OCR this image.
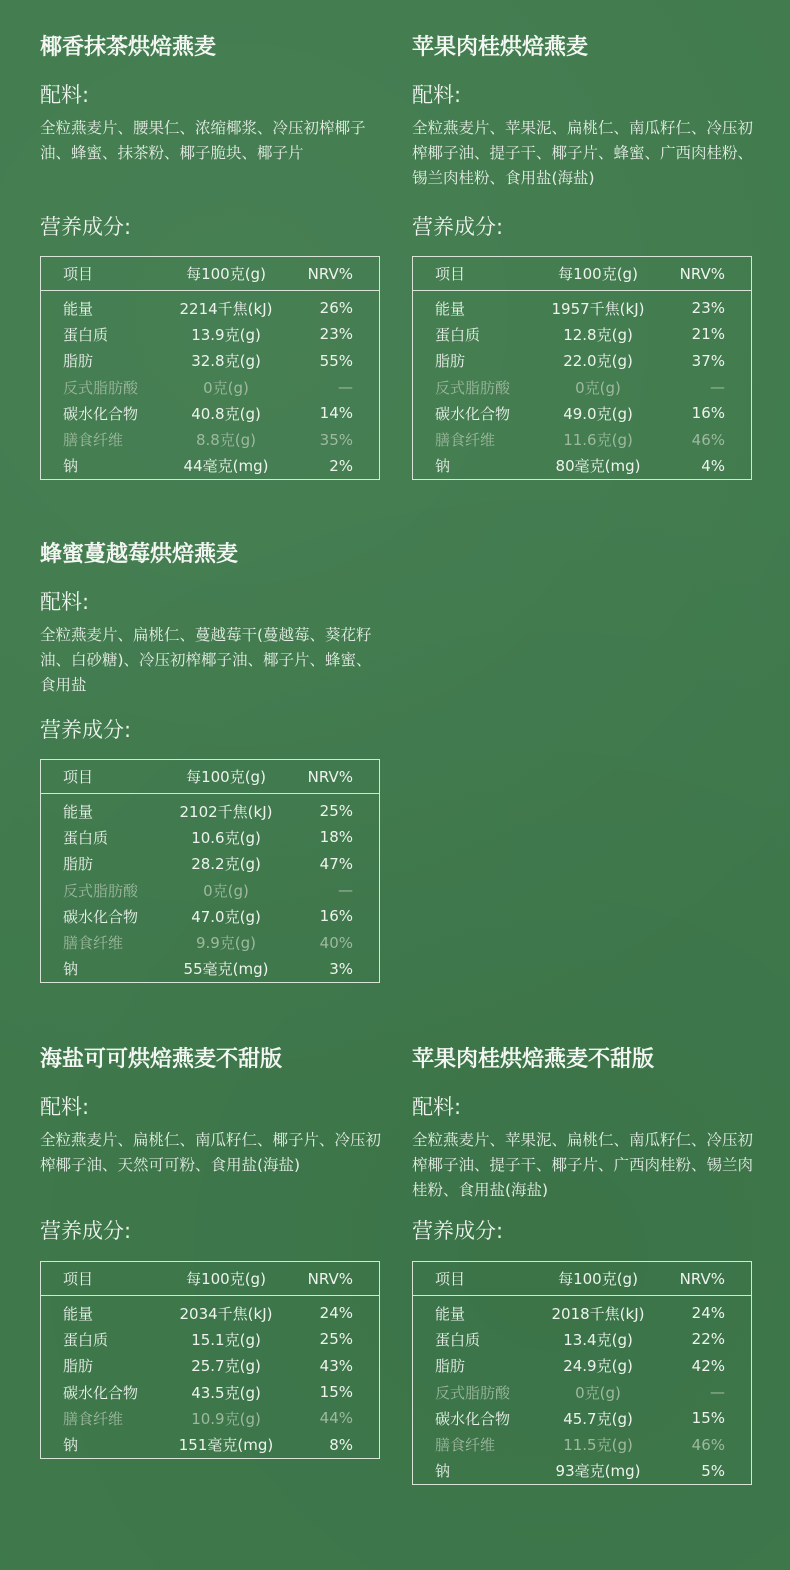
椰香抹茶烘焙燕麦
配料:
全粒燕麦片、腰果仁、浓缩椰浆、冷压初榨椰子油、蜂蜜、抹茶粉、椰子脆块、椰子片
营养成分:
项目	每100克(g)	NRV%
能量	2214千焦(kJ)	26%
蛋白质	13.9克(g)	23%
脂肪	32.8克(g)	55%
反式脂肪酸	0克(g)	—
碳水化合物	40.8克(g)	14%
膳食纤维	8.8克(g)	35%
钠	44毫克(mg)	2%
苹果肉桂烘焙燕麦
配料:
全粒燕麦片、苹果泥、扁桃仁、南瓜籽仁、冷压初榨椰子油、提子干、椰子片、蜂蜜、广西肉桂粉、锡兰肉桂粉、食用盐(海盐)
营养成分:
项目	每100克(g)	NRV%
能量	1957千焦(kJ)	23%
蛋白质	12.8克(g)	21%
脂肪	22.0克(g)	37%
反式脂肪酸	0克(g)	—
碳水化合物	49.0克(g)	16%
膳食纤维	11.6克(g)	46%
钠	80毫克(mg)	4%
蜂蜜蔓越莓烘焙燕麦
配料:
全粒燕麦片、扁桃仁、蔓越莓干(蔓越莓、葵花籽油、白砂糖)、冷压初榨椰子油、椰子片、蜂蜜、食用盐
营养成分:
项目	每100克(g)	NRV%
能量	2102千焦(kJ)	25%
蛋白质	10.6克(g)	18%
脂肪	28.2克(g)	47%
反式脂肪酸	0克(g)	—
碳水化合物	47.0克(g)	16%
膳食纤维	9.9克(g)	40%
钠	55毫克(mg)	3%
海盐可可烘焙燕麦不甜版
配料:
全粒燕麦片、扁桃仁、南瓜籽仁、椰子片、冷压初榨椰子油、天然可可粉、食用盐(海盐)
营养成分:
项目	每100克(g)	NRV%
能量	2034千焦(kJ)	24%
蛋白质	15.1克(g)	25%
脂肪	25.7克(g)	43%
碳水化合物	43.5克(g)	15%
膳食纤维	10.9克(g)	44%
钠	151毫克(mg)	8%
苹果肉桂烘焙燕麦不甜版
配料:
全粒燕麦片、苹果泥、扁桃仁、南瓜籽仁、冷压初榨椰子油、提子干、椰子片、广西肉桂粉、锡兰肉桂粉、食用盐(海盐)
营养成分:
项目	每100克(g)	NRV%
能量	2018千焦(kJ)	24%
蛋白质	13.4克(g)	22%
脂肪	24.9克(g)	42%
反式脂肪酸	0克(g)	—
碳水化合物	45.7克(g)	15%
膳食纤维	11.5克(g)	46%
钠	93毫克(mg)	5%
